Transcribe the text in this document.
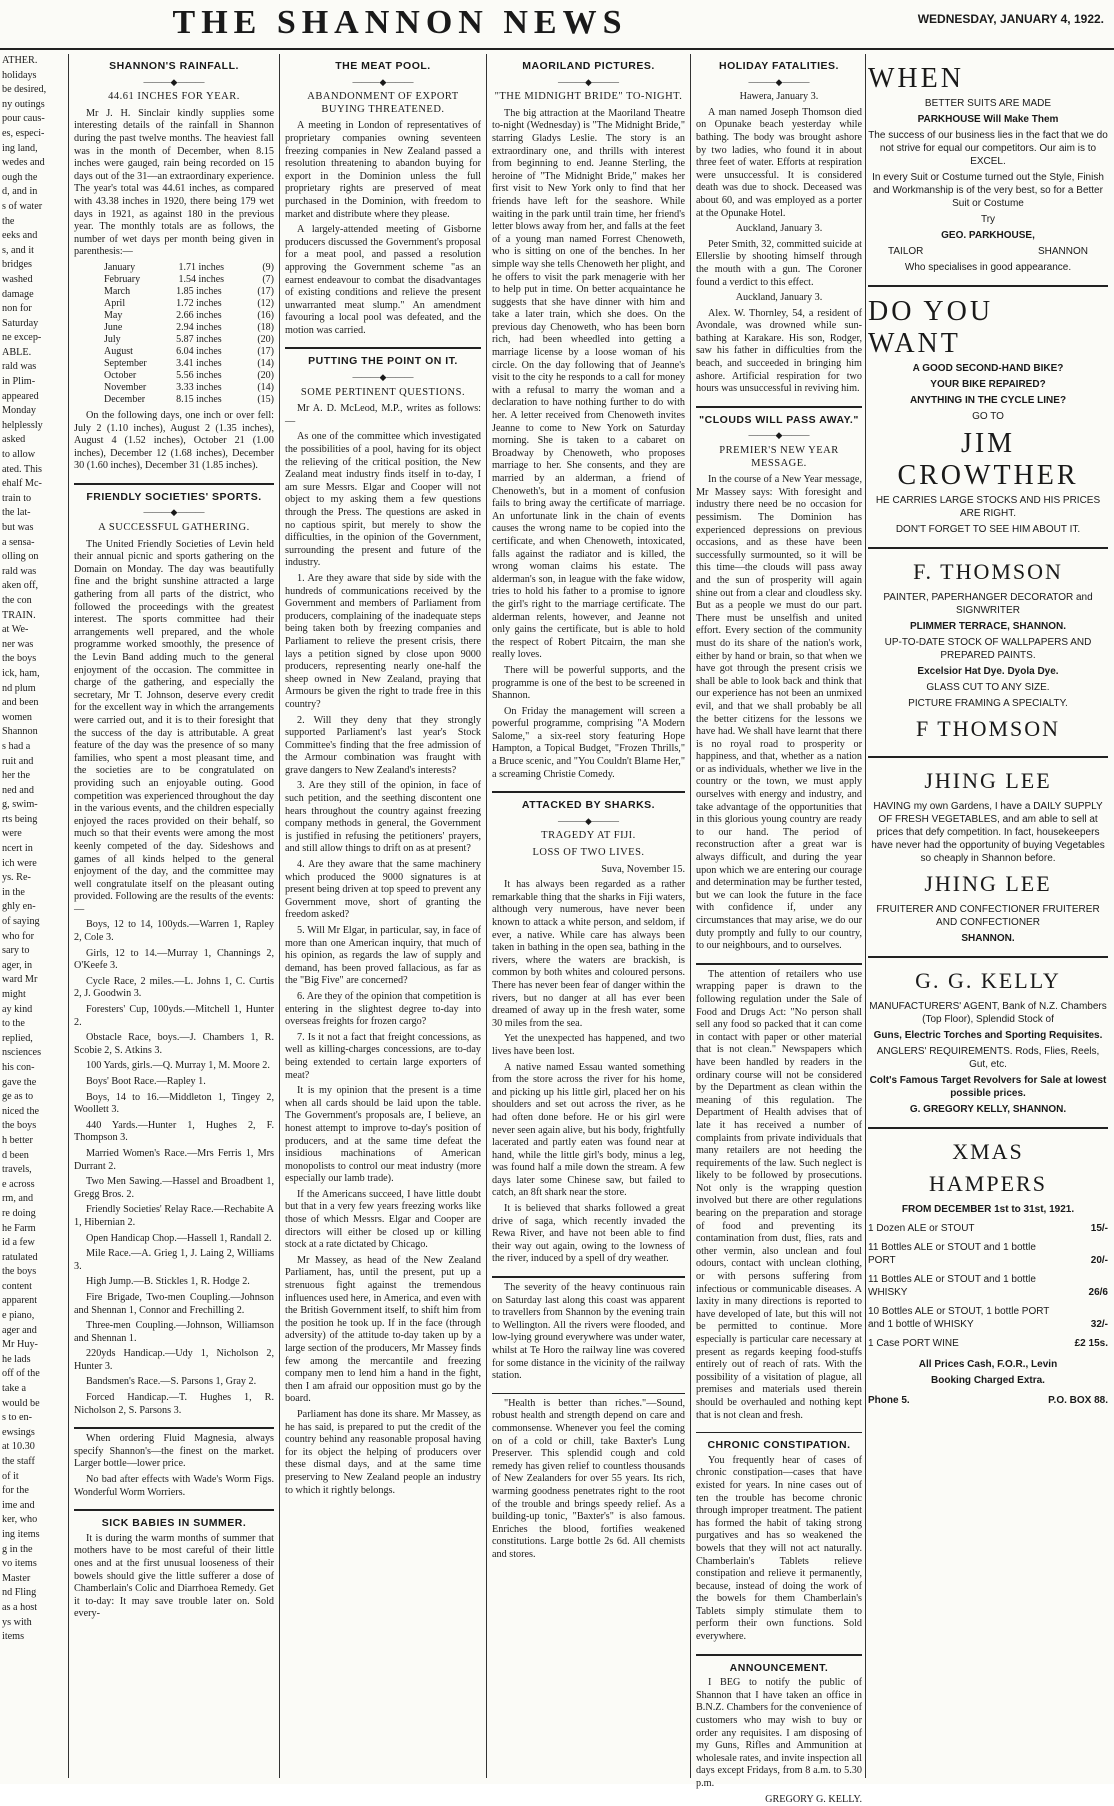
THE SHANNON NEWS	WEDNESDAY, JANUARY 4, 1922.
ATHER.
holidays
be desired,
ny outings
pour caus-
es, especi-
ing land,
wedes and
ough the
d, and in
s of water
the
eeks and
s, and it
bridges
washed
damage
non for
Saturday
ne excep-
ABLE.
rald was
in Plim-
appeared
Monday
helplessly
asked
to allow
ated. This
ehalf Mc-
train to
the lat-
but was
a sensa-
olling on
rald was
aken off,
the con
TRAIN.
at We-
ner was
the boys
ick, ham,
nd plum
and been
women
Shannon
s had a
ruit and
her the
ned and
g, swim-
rts being
were
ncert in
ich were
ys. Re-
in the
ghly en-
of saying
who for
sary to
ager, in
ward Mr
might
ay kind
to the
replied,
nsciences
his con-
gave the
ge as to
niced the
the boys
h better
d been
travels,
e across
rm, and
re doing
he Farm
id a few
ratulated
the boys
content
apparent
e piano,
ager and
Mr Huy-
he lads
off of the
take a
would be
s to en-
ewsings
at 10.30
the staff
of it
for the
ime and
ker, who
ing items
g in the
vo items
Master
nd Fling
as a host
ys with
items
SHANNON'S RAINFALL.
———◆———
44.61 INCHES FOR YEAR.

Mr J. H. Sinclair kindly supplies some interesting details of the rainfall in Shannon during the past twelve months. The heaviest fall was in the month of December, when 8.15 inches were gauged, rain being recorded on 15 days out of the 31—an extraordinary experience. The year's total was 44.61 inches, as compared with 43.38 inches in 1920, there being 179 wet days in 1921, as against 180 in the previous year. The monthly totals are as follows, the number of wet days per month being given in parenthesis:—

January	1.71 inches	(9)
February	1.54 inches	(7)
March	1.85 inches	(17)
April	1.72 inches	(12)
May	2.66 inches	(16)
June	2.94 inches	(18)
July	5.87 inches	(20)
August	6.04 inches	(17)
September	3.41 inches	(14)
October	5.56 inches	(20)
November	3.33 inches	(14)
December	8.15 inches	(15)

On the following days, one inch or over fell: July 2 (1.10 inches), August 2 (1.35 inches), August 4 (1.52 inches), October 21 (1.00 inches), December 12 (1.68 inches), December 30 (1.60 inches), December 31 (1.85 inches).

FRIENDLY SOCIETIES' SPORTS.
———◆———
A SUCCESSFUL GATHERING.

The United Friendly Societies of Levin held their annual picnic and sports gathering on the Domain on Monday. The day was beautifully fine and the bright sunshine attracted a large gathering from all parts of the district, who followed the proceedings with the greatest interest. The sports committee had their arrangements well prepared, and the whole programme worked smoothly, the presence of the Levin Band adding much to the general enjoyment of the occasion. The committee in charge of the gathering, and especially the secretary, Mr T. Johnson, deserve every credit for the excellent way in which the arrangements were carried out, and it is to their foresight that the success of the day is attributable. A great feature of the day was the presence of so many families, who spent a most pleasant time, and the societies are to be congratulated on providing such an enjoyable outing. Good competition was experienced throughout the day in the various events, and the children especially enjoyed the races provided on their behalf, so much so that their events were among the most keenly competed of the day. Sideshows and games of all kinds helped to the general enjoyment of the day, and the committee may well congratulate itself on the pleasant outing provided. Following are the results of the events:—

Boys, 12 to 14, 100yds.—Warren 1, Rapley 2, Cole 3.

Girls, 12 to 14.—Murray 1, Channings 2, O'Keefe 3.

Cycle Race, 2 miles.—L. Johns 1, C. Curtis 2, J. Goodwin 3.

Foresters' Cup, 100yds.—Mitchell 1, Hunter 2.

Obstacle Race, boys.—J. Chambers 1, R. Scobie 2, S. Atkins 3.

100 Yards, girls.—Q. Murray 1, M. Moore 2.

Boys' Boot Race.—Rapley 1.

Boys, 14 to 16.—Middleton 1, Tingey 2, Woollett 3.

440 Yards.—Hunter 1, Hughes 2, F. Thompson 3.

Married Women's Race.—Mrs Ferris 1, Mrs Durrant 2.

Two Men Sawing.—Hassel and Broadbent 1, Gregg Bros. 2.

Friendly Societies' Relay Race.—Rechabite A 1, Hibernian 2.

Open Handicap Chop.—Hassell 1, Randall 2.

Mile Race.—A. Grieg 1, J. Laing 2, Williams 3.

High Jump.—B. Stickles 1, R. Hodge 2.

Fire Brigade, Two-men Coupling.—Johnson and Shennan 1, Connor and Frechilling 2.

Three-men Coupling.—Johnson, Williamson and Shennan 1.

220yds Handicap.—Udy 1, Nicholson 2, Hunter 3.

Bandsmen's Race.—S. Parsons 1, Gray 2.

Forced Handicap.—T. Hughes 1, R. Nicholson 2, S. Parsons 3.

When ordering Fluid Magnesia, always specify Shannon's—the finest on the market. Larger bottle—lower price.

No bad after effects with Wade's Worm Figs. Wonderful Worm Worriers.

SICK BABIES IN SUMMER.

It is during the warm months of summer that mothers have to be most careful of their little ones and at the first unusual looseness of their bowels should give the little sufferer a dose of Chamberlain's Colic and Diarrhoea Remedy. Get it to-day: It may save trouble later on. Sold every-

THE MEAT POOL.
———◆———
ABANDONMENT OF EXPORT BUYING THREATENED.

A meeting in London of representatives of proprietary companies owning seventeen freezing companies in New Zealand passed a resolution threatening to abandon buying for export in the Dominion unless the full proprietary rights are preserved of meat purchased in the Dominion, with freedom to market and distribute where they please.

A largely-attended meeting of Gisborne producers discussed the Government's proposal for a meat pool, and passed a resolution approving the Government scheme "as an earnest endeavour to combat the disadvantages of existing conditions and relieve the present unwarranted meat slump." An amendment favouring a local pool was defeated, and the motion was carried.

PUTTING THE POINT ON IT.
———◆———
SOME PERTINENT QUESTIONS.

Mr A. D. McLeod, M.P., writes as follows:—

As one of the committee which investigated the possibilities of a pool, having for its object the relieving of the critical position, the New Zealand meat industry finds itself in to-day, I am sure Messrs. Elgar and Cooper will not object to my asking them a few questions through the Press. The questions are asked in no captious spirit, but merely to show the difficulties, in the opinion of the Government, surrounding the present and future of the industry.

1. Are they aware that side by side with the hundreds of communications received by the Government and members of Parliament from producers, complaining of the inadequate steps being taken both by freezing companies and Parliament to relieve the present crisis, there lays a petition signed by close upon 9000 producers, representing nearly one-half the sheep owned in New Zealand, praying that Armours be given the right to trade free in this country?

2. Will they deny that they strongly supported Parliament's last year's Stock Committee's finding that the free admission of the Armour combination was fraught with grave dangers to New Zealand's interests?

3. Are they still of the opinion, in face of such petition, and the seething discontent one hears throughout the country against freezing company methods in general, the Government is justified in refusing the petitioners' prayers, and still allow things to drift on as at present?

4. Are they aware that the same machinery which produced the 9000 signatures is at present being driven at top speed to prevent any Government move, short of granting the freedom asked?

5. Will Mr Elgar, in particular, say, in face of more than one American inquiry, that much of his opinion, as regards the law of supply and demand, has been proved fallacious, as far as the "Big Five" are concerned?

6. Are they of the opinion that competition is entering in the slightest degree to-day into overseas freights for frozen cargo?

7. Is it not a fact that freight concessions, as well as killing-charges concessions, are to-day being extended to certain large exporters of meat?

It is my opinion that the present is a time when all cards should be laid upon the table. The Government's proposals are, I believe, an honest attempt to improve to-day's position of producers, and at the same time defeat the insidious machinations of American monopolists to control our meat industry (more especially our lamb trade).

If the Americans succeed, I have little doubt but that in a very few years freezing works like those of which Messrs. Elgar and Cooper are directors will either be closed up or killing stock at a rate dictated by Chicago.

Mr Massey, as head of the New Zealand Parliament, has, until the present, put up a strenuous fight against the tremendous influences used here, in America, and even with the British Government itself, to shift him from the position he took up. If in the face (through adversity) of the attitude to-day taken up by a large section of the producers, Mr Massey finds few among the mercantile and freezing company men to lend him a hand in the fight, then I am afraid our opposition must go by the board.

Parliament has done its share. Mr Massey, as he has said, is prepared to put the credit of the country behind any reasonable proposal having for its object the helping of producers over these dismal days, and at the same time preserving to New Zealand people an industry to which it rightly belongs.

MAORILAND PICTURES.
———◆———
"THE MIDNIGHT BRIDE" TO-NIGHT.

The big attraction at the Maoriland Theatre to-night (Wednesday) is "The Midnight Bride," starring Gladys Leslie. The story is an extraordinary one, and thrills with interest from beginning to end. Jeanne Sterling, the heroine of "The Midnight Bride," makes her first visit to New York only to find that her friends have left for the seashore. While waiting in the park until train time, her friend's letter blows away from her, and falls at the feet of a young man named Forrest Chenoweth, who is sitting on one of the benches. In her simple way she tells Chenoweth her plight, and he offers to visit the park menagerie with her to help put in time. On better acquaintance he suggests that she have dinner with him and take a later train, which she does. On the previous day Chenoweth, who has been born rich, had been wheedled into getting a marriage license by a loose woman of his circle. On the day following that of Jeanne's visit to the city he responds to a call for money with a refusal to marry the woman and a declaration to have nothing further to do with her. A letter received from Chenoweth invites Jeanne to come to New York on Saturday morning. She is taken to a cabaret on Broadway by Chenoweth, who proposes marriage to her. She consents, and they are married by an alderman, a friend of Chenoweth's, but in a moment of confusion fails to bring away the certificate of marriage. An unfortunate link in the chain of events causes the wrong name to be copied into the certificate, and when Chenoweth, intoxicated, falls against the radiator and is killed, the wrong woman claims his estate. The alderman's son, in league with the fake widow, tries to hold his father to a promise to ignore the girl's right to the marriage certificate. The alderman relents, however, and Jeanne not only gains the certificate, but is able to hold the respect of Robert Pitcairn, the man she really loves.

There will be powerful supports, and the programme is one of the best to be screened in Shannon.

On Friday the management will screen a powerful programme, comprising "A Modern Salome," a six-reel story featuring Hope Hampton, a Topical Budget, "Frozen Thrills," a Bruce scenic, and "You Couldn't Blame Her," a screaming Christie Comedy.

ATTACKED BY SHARKS.
———◆———
TRAGEDY AT FIJI.
LOSS OF TWO LIVES.

Suva, November 15.

It has always been regarded as a rather remarkable thing that the sharks in Fiji waters, although very numerous, have never been known to attack a white person, and seldom, if ever, a native. While care has always been taken in bathing in the open sea, bathing in the rivers, where the waters are brackish, is common by both whites and coloured persons. There has never been fear of danger within the rivers, but no danger at all has ever been dreamed of away up in the fresh water, some 30 miles from the sea.

Yet the unexpected has happened, and two lives have been lost.

A native named Essau wanted something from the store across the river for his home, and picking up his little girl, placed her on his shoulders and set out across the river, as he had often done before. He or his girl were never seen again alive, but his body, frightfully lacerated and partly eaten was found near at hand, while the little girl's body, minus a leg, was found half a mile down the stream. A few days later some Chinese saw, but failed to catch, an 8ft shark near the store.

It is believed that sharks followed a great drive of saga, which recently invaded the Rewa River, and have not been able to find their way out again, owing to the lowness of the river, induced by a spell of dry weather.

The severity of the heavy continuous rain on Saturday last along this coast was apparent to travellers from Shannon by the evening train to Wellington. All the rivers were flooded, and low-lying ground everywhere was under water, whilst at Te Horo the railway line was covered for some distance in the vicinity of the railway station.

"Health is better than riches."—Sound, robust health and strength depend on care and commonsense. Whenever you feel the coming on of a cold or chill, take Baxter's Lung Preserver. This splendid cough and cold remedy has given relief to countless thousands of New Zealanders for over 55 years. Its rich, warming goodness penetrates right to the root of the trouble and brings speedy relief. As a building-up tonic, "Baxter's" is also famous. Enriches the blood, fortifies weakened constitutions. Large bottle 2s 6d. All chemists and stores.

HOLIDAY FATALITIES.
———◆———

Hawera, January 3.

A man named Joseph Thomson died on Opunake beach yesterday while bathing. The body was brought ashore by two ladies, who found it in about three feet of water. Efforts at respiration were unsuccessful. It is considered death was due to shock. Deceased was about 60, and was employed as a porter at the Opunake Hotel.

Auckland, January 3.

Peter Smith, 32, committed suicide at Ellerslie by shooting himself through the mouth with a gun. The Coroner found a verdict to this effect.

Auckland, January 3.

Alex. W. Thornley, 54, a resident of Avondale, was drowned while sun-bathing at Karakare. His son, Rodger, saw his father in difficulties from the beach, and succeeded in bringing him ashore. Artificial respiration for two hours was unsuccessful in reviving him.

"CLOUDS WILL PASS AWAY."
———◆———
PREMIER'S NEW YEAR MESSAGE.

In the course of a New Year message, Mr Massey says: With foresight and industry there need be no occasion for pessimism. The Dominion has experienced depressions on previous occasions, and as these have been successfully surmounted, so it will be this time—the clouds will pass away and the sun of prosperity will again shine out from a clear and cloudless sky. But as a people we must do our part. There must be unselfish and united effort. Every section of the community must do its share of the nation's work, either by hand or brain, so that when we have got through the present crisis we shall be able to look back and think that our experience has not been an unmixed evil, and that we shall probably be all the better citizens for the lessons we have had. We shall have learnt that there is no royal road to prosperity or happiness, and that, whether as a nation or as individuals, whether we live in the country or the town, we must apply ourselves with energy and industry, and take advantage of the opportunities that in this glorious young country are ready to our hand. The period of reconstruction after a great war is always difficult, and during the year upon which we are entering our courage and determination may be further tested, but we can look the future in the face with confidence if, under any circumstances that may arise, we do our duty promptly and fully to our country, to our neighbours, and to ourselves.

The attention of retailers who use wrapping paper is drawn to the following regulation under the Sale of Food and Drugs Act: "No person shall sell any food so packed that it can come in contact with paper or other material that is not clean." Newspapers which have been handled by readers in the ordinary course will not be considered by the Department as clean within the meaning of this regulation. The Department of Health advises that of late it has received a number of complaints from private individuals that many retailers are not heeding the requirements of the law. Such neglect is likely to be followed by prosecutions. Not only is the wrapping question involved but there are other regulations bearing on the preparation and storage of food and preventing its contamination from dust, flies, rats and other vermin, also unclean and foul odours, contact with unclean clothing, or with persons suffering from infectious or communicable diseases. A laxity in many directions is reported to have developed of late, but this will not be permitted to continue. More especially is particular care necessary at present as regards keeping food-stuffs entirely out of reach of rats. With the possibility of a visitation of plague, all premises and materials used therein should be overhauled and nothing kept that is not clean and fresh.

CHRONIC CONSTIPATION.

You frequently hear of cases of chronic constipation—cases that have existed for years. In nine cases out of ten the trouble has become chronic through improper treatment. The patient has formed the habit of taking strong purgatives and has so weakened the bowels that they will not act naturally. Chamberlain's Tablets relieve constipation and relieve it permanently, because, instead of doing the work of the bowels for them Chamberlain's Tablets simply stimulate them to perform their own functions. Sold everywhere.

ANNOUNCEMENT.

I BEG to notify the public of Shannon that I have taken an office in B.N.Z. Chambers for the convenience of customers who may wish to buy or order any requisites. I am disposing of my Guns, Rifles and Ammunition at wholesale rates, and invite inspection all days except Fridays, from 8 a.m. to 5.30 p.m.

GREGORY G. KELLY.

WHEN
BETTER SUITS ARE MADE
PARKHOUSE Will Make Them
The success of our business lies in the fact that we do not strive for equal our competitors. Our aim is to EXCEL.
In every Suit or Costume turned out the Style, Finish and Workmanship is of the very best, so for a Better Suit or Costume
Try
GEO. PARKHOUSE,
TAILOR	SHANNON
Who specialises in good appearance.
DO YOU
WANT
A GOOD SECOND-HAND BIKE?
YOUR BIKE REPAIRED?
ANYTHING IN THE CYCLE LINE?
GO TO
JIM
CROWTHER
HE CARRIES LARGE STOCKS AND HIS PRICES ARE RIGHT.
DON'T FORGET TO SEE HIM ABOUT IT.
F. THOMSON
PAINTER, PAPERHANGER DECORATOR and SIGNWRITER
PLIMMER TERRACE, SHANNON.
UP-TO-DATE STOCK OF WALLPAPERS AND PREPARED PAINTS.
Excelsior Hat Dye. Dyola Dye.
GLASS CUT TO ANY SIZE.
PICTURE FRAMING A SPECIALTY.
F THOMSON
JHING LEE
HAVING my own Gardens, I have a DAILY SUPPLY OF FRESH VEGETABLES, and am able to sell at prices that defy competition. In fact, housekeepers have never had the opportunity of buying Vegetables so cheaply in Shannon before.
JHING LEE
FRUITERER AND CONFECTIONER FRUITERER AND CONFECTIONER
SHANNON.
G. G. KELLY
MANUFACTURERS' AGENT, Bank of N.Z. Chambers (Top Floor), Splendid Stock of
Guns, Electric Torches and Sporting Requisites.
ANGLERS' REQUIREMENTS. Rods, Flies, Reels, Gut, etc.
Colt's Famous Target Revolvers for Sale at lowest possible prices.
G. GREGORY KELLY, SHANNON.
XMAS
HAMPERS
FROM DECEMBER 1st to 31st, 1921.
1 Dozen ALE or STOUT	15/-
11 Bottles ALE or STOUT and 1 bottle PORT	20/-
11 Bottles ALE or STOUT and 1 bottle WHISKY	26/6
10 Bottles ALE or STOUT, 1 bottle PORT and 1 bottle of WHISKY	32/-
1 Case PORT WINE	£2 15s.
All Prices Cash, F.O.R., Levin
Booking Charged Extra.
Phone 5.	P.O. BOX 88.
